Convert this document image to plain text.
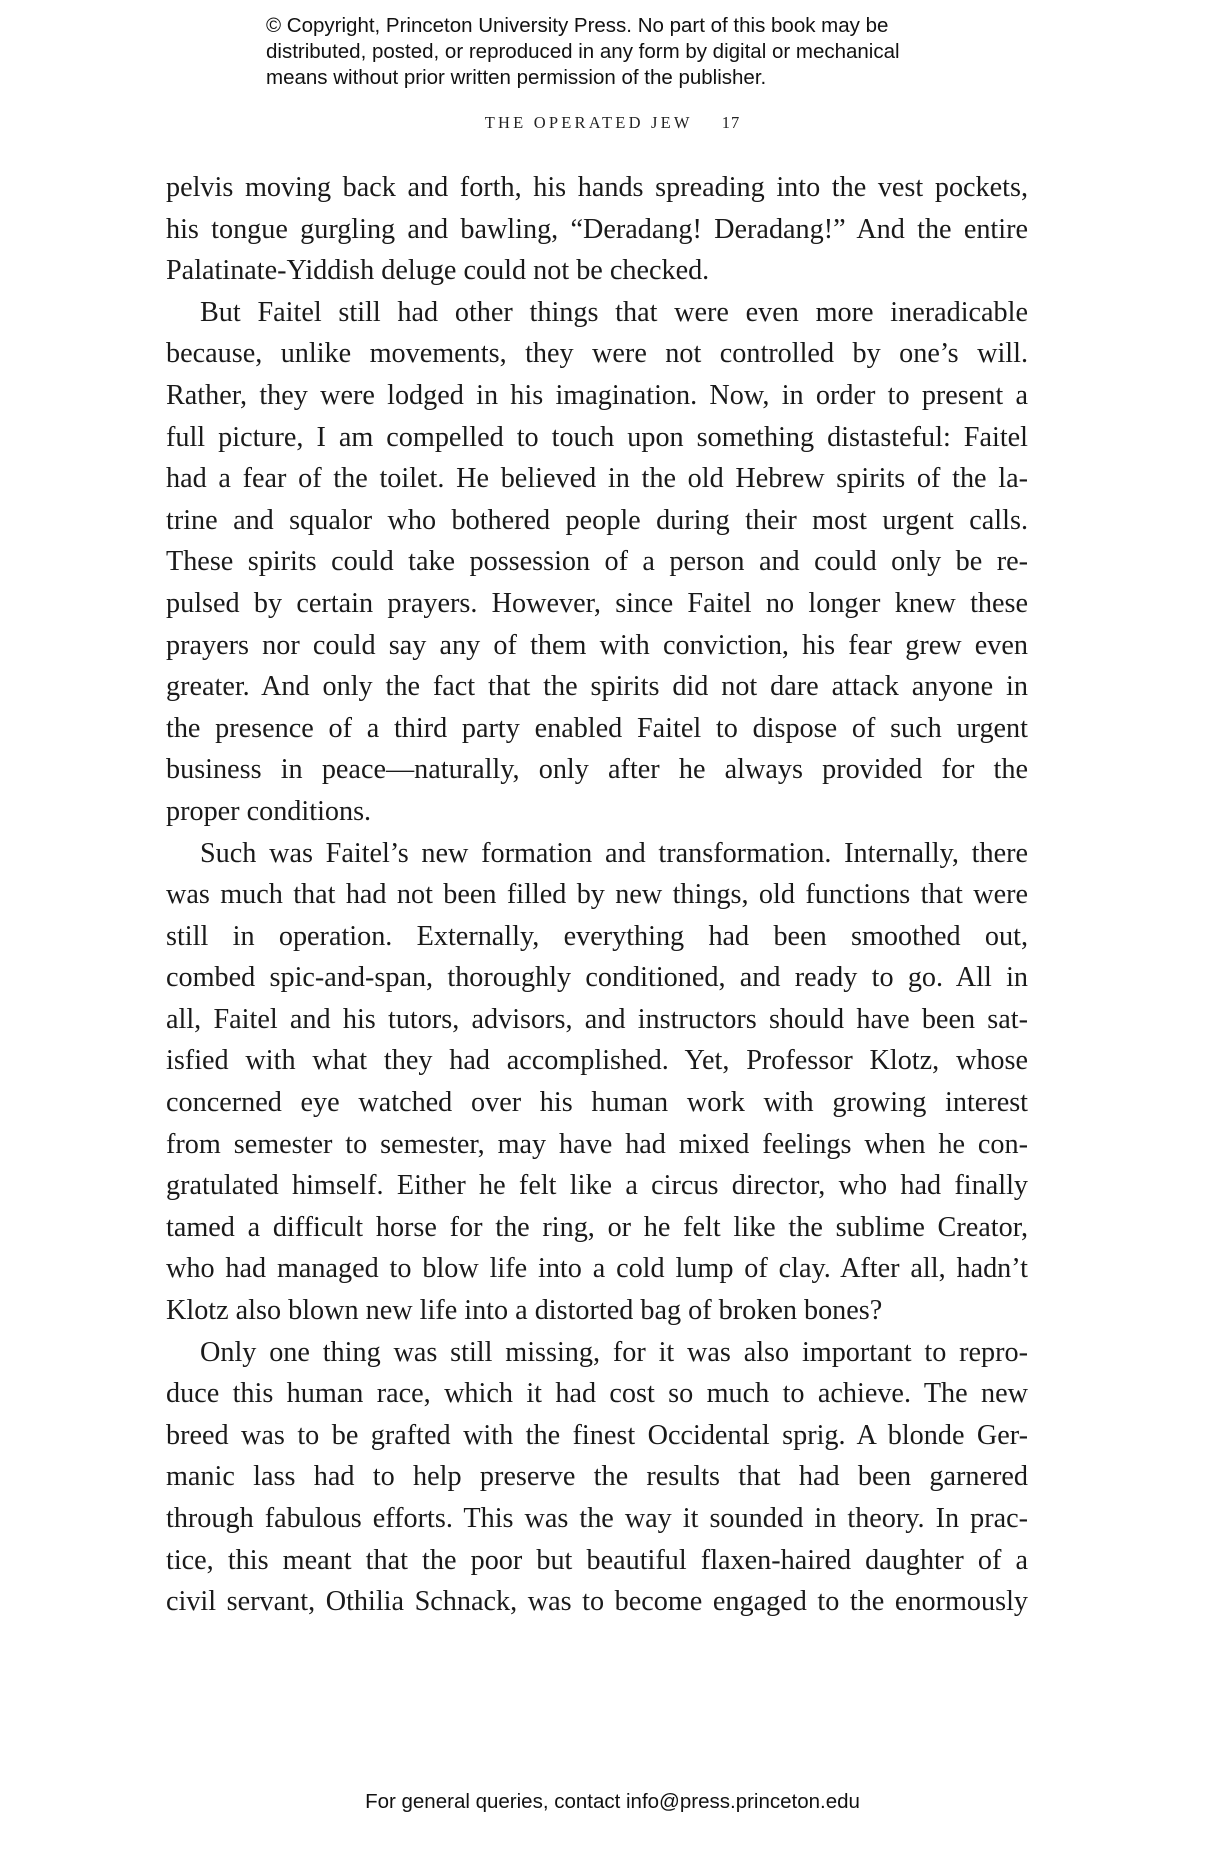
© Copyright, Princeton University Press. No part of this book may be
distributed, posted, or reproduced in any form by digital or mechanical
means without prior written permission of the publisher.
THE OPERATED JEW 17
pelvis moving back and forth, his hands spreading into the vest pockets,
his tongue gurgling and bawling, “Deradang! Deradang!” And the entire
Palatinate-Yiddish deluge could not be checked.
But Faitel still had other things that were even more ineradicable
because, unlike movements, they were not controlled by one’s will.
Rather, they were lodged in his imagination. Now, in order to present a
full picture, I am compelled to touch upon something distasteful: Faitel
had a fear of the toilet. He believed in the old Hebrew spirits of the la-
trine and squalor who bothered people during their most urgent calls.
These spirits could take possession of a person and could only be re-
pulsed by certain prayers. However, since Faitel no longer knew these
prayers nor could say any of them with conviction, his fear grew even
greater. And only the fact that the spirits did not dare attack anyone in
the presence of a third party enabled Faitel to dispose of such urgent
business in peace—naturally, only after he always provided for the
proper conditions.
Such was Faitel’s new formation and transformation. Internally, there
was much that had not been filled by new things, old functions that were
still in operation. Externally, everything had been smoothed out,
combed spic-and-span, thoroughly conditioned, and ready to go. All in
all, Faitel and his tutors, advisors, and instructors should have been sat-
isfied with what they had accomplished. Yet, Professor Klotz, whose
concerned eye watched over his human work with growing interest
from semester to semester, may have had mixed feelings when he con-
gratulated himself. Either he felt like a circus director, who had finally
tamed a difficult horse for the ring, or he felt like the sublime Creator,
who had managed to blow life into a cold lump of clay. After all, hadn’t
Klotz also blown new life into a distorted bag of broken bones?
Only one thing was still missing, for it was also important to repro-
duce this human race, which it had cost so much to achieve. The new
breed was to be grafted with the finest Occidental sprig. A blonde Ger-
manic lass had to help preserve the results that had been garnered
through fabulous efforts. This was the way it sounded in theory. In prac-
tice, this meant that the poor but beautiful flaxen-haired daughter of a
civil servant, Othilia Schnack, was to become engaged to the enormously
For general queries, contact info@press.princeton.edu
